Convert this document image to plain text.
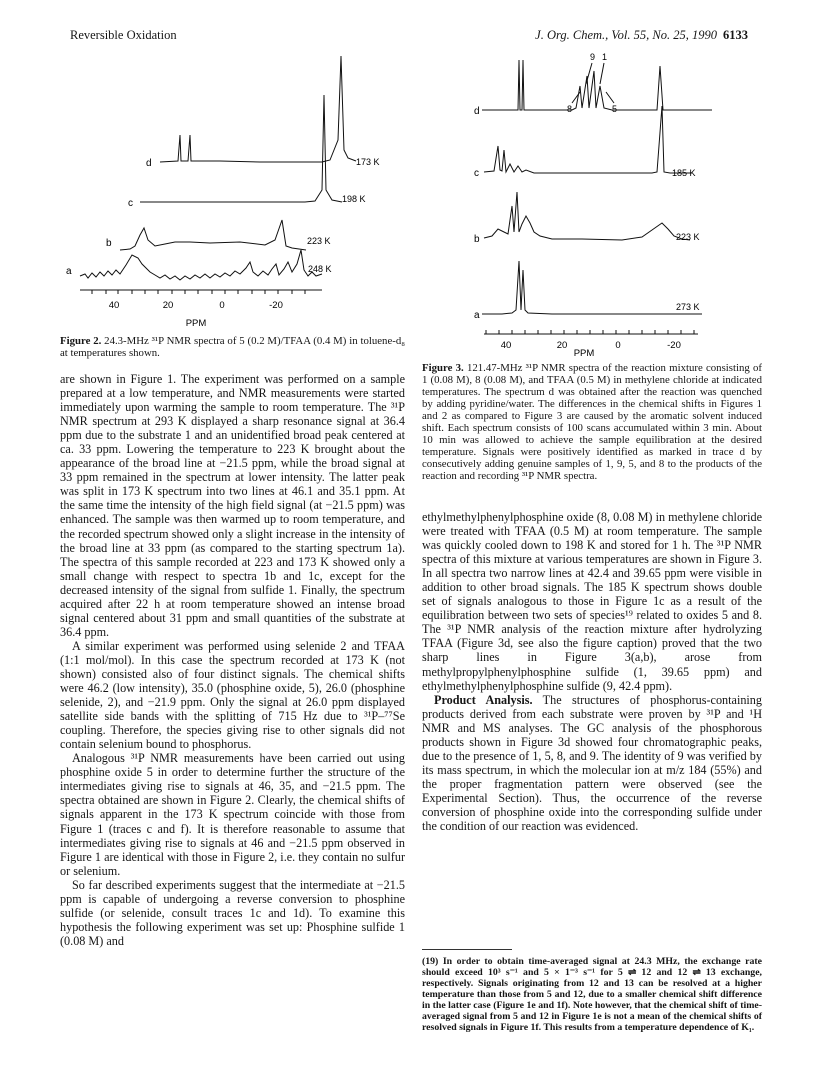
Reversible Oxidation	J. Org. Chem., Vol. 55, No. 25, 1990 6133
d
c
b
a
173 K
198 K
223 K
248 K
40	20	0	-20
PPM
Figure 2. 24.3-MHz ³¹P NMR spectra of 5 (0.2 M)/TFAA (0.4 M) in toluene-d₈ at temperatures shown.
9 1
8	5
d
c
b
a
185 K
223 K
273 K
40	20	0	-20
PPM
Figure 3. 121.47-MHz ³¹P NMR spectra of the reaction mixture consisting of 1 (0.08 M), 8 (0.08 M), and TFAA (0.5 M) in methylene chloride at indicated temperatures. The spectrum d was obtained after the reaction was quenched by adding pyridine/water. The differences in the chemical shifts in Figures 1 and 2 as compared to Figure 3 are caused by the aromatic solvent induced shift. Each spectrum consists of 100 scans accumulated within 3 min. About 10 min was allowed to achieve the sample equilibration at the desired temperature. Signals were positively identified as marked in trace d by consecutively adding genuine samples of 1, 9, 5, and 8 to the products of the reaction and recording ³¹P NMR spectra.

are shown in Figure 1. The experiment was performed on a sample prepared at a low temperature, and NMR measurements were started immediately upon warming the sample to room temperature. The ³¹P NMR spectrum at 293 K displayed a sharp resonance signal at 36.4 ppm due to the substrate 1 and an unidentified broad peak centered at ca. 33 ppm. Lowering the temperature to 223 K brought about the appearance of the broad line at −21.5 ppm, while the broad signal at 33 ppm remained in the spectrum at lower intensity. The latter peak was split in 173 K spectrum into two lines at 46.1 and 35.1 ppm. At the same time the intensity of the high field signal (at −21.5 ppm) was enhanced. The sample was then warmed up to room temperature, and the recorded spectrum showed only a slight increase in the intensity of the broad line at 33 ppm (as compared to the starting spectrum 1a). The spectra of this sample recorded at 223 and 173 K showed only a small change with respect to spectra 1b and 1c, except for the decreased intensity of the signal from sulfide 1. Finally, the spectrum acquired after 22 h at room temperature showed an intense broad signal centered about 31 ppm and small quantities of the substrate at 36.4 ppm.

A similar experiment was performed using selenide 2 and TFAA (1:1 mol/mol). In this case the spectrum recorded at 173 K (not shown) consisted also of four distinct signals. The chemical shifts were 46.2 (low intensity), 35.0 (phosphine oxide, 5), 26.0 (phosphine selenide, 2), and −21.9 ppm. Only the signal at 26.0 ppm displayed satellite side bands with the splitting of 715 Hz due to ³¹P–⁷⁷Se coupling. Therefore, the species giving rise to other signals did not contain selenium bound to phosphorus.

Analogous ³¹P NMR measurements have been carried out using phosphine oxide 5 in order to determine further the structure of the intermediates giving rise to signals at 46, 35, and −21.5 ppm. The spectra obtained are shown in Figure 2. Clearly, the chemical shifts of signals apparent in the 173 K spectrum coincide with those from Figure 1 (traces c and f). It is therefore reasonable to assume that intermediates giving rise to signals at 46 and −21.5 ppm observed in Figure 1 are identical with those in Figure 2, i.e. they contain no sulfur or selenium.

So far described experiments suggest that the intermediate at −21.5 ppm is capable of undergoing a reverse conversion to phosphine sulfide (or selenide, consult traces 1c and 1d). To examine this hypothesis the following experiment was set up: Phosphine sulfide 1 (0.08 M) and

ethylmethylphenylphosphine oxide (8, 0.08 M) in methylene chloride were treated with TFAA (0.5 M) at room temperature. The sample was quickly cooled down to 198 K and stored for 1 h. The ³¹P NMR spectra of this mixture at various temperatures are shown in Figure 3. In all spectra two narrow lines at 42.4 and 39.65 ppm were visible in addition to other broad signals. The 185 K spectrum shows double set of signals analogous to those in Figure 1c as a result of the equilibration between two sets of species¹⁹ related to oxides 5 and 8. The ³¹P NMR analysis of the reaction mixture after hydrolyzing TFAA (Figure 3d, see also the figure caption) proved that the two sharp lines in Figure 3(a,b), arose from methylpropylphenylphosphine sulfide (1, 39.65 ppm) and ethylmethylphenylphosphine sulfide (9, 42.4 ppm).

Product Analysis. The structures of phosphorus-containing products derived from each substrate were proven by ³¹P and ¹H NMR and MS analyses. The GC analysis of the phosphorous products shown in Figure 3d showed four chromatographic peaks, due to the presence of 1, 5, 8, and 9. The identity of 9 was verified by its mass spectrum, in which the molecular ion at m/z 184 (55%) and the proper fragmentation pattern were observed (see the Experimental Section). Thus, the occurrence of the reverse conversion of phosphine oxide into the corresponding sulfide under the condition of our reaction was evidenced.

(19) In order to obtain time-averaged signal at 24.3 MHz, the exchange rate should exceed 10³ s⁻¹ and 5 × 1⁻³ s⁻¹ for 5 ⇌ 12 and 12 ⇌ 13 exchange, respectively. Signals originating from 12 and 13 can be resolved at a higher temperature than those from 5 and 12, due to a smaller chemical shift difference in the latter case (Figure 1e and 1f). Note however, that the chemical shift of time-averaged signal from 5 and 12 in Figure 1e is not a mean of the chemical shifts of resolved signals in Figure 1f. This results from a temperature dependence of K₁.
